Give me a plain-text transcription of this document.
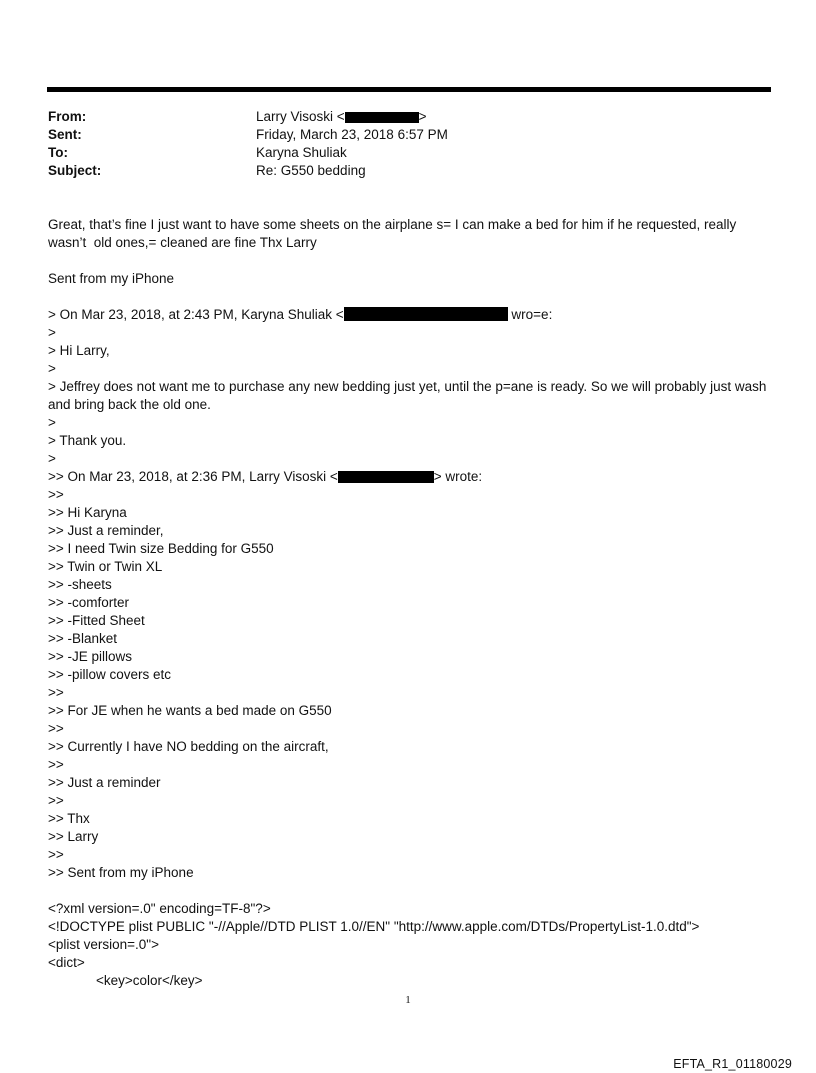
From:	Larry Visoski <	>
Sent:	Friday, March 23, 2018 6:57 PM
To:	Karyna Shuliak
Subject:	Re: G550 bedding

Great, that’s fine I just want to have some sheets on the airplane s= I can make a bed for him if he requested, really wasn’t  old ones,= cleaned are fine Thx Larry

Sent from my iPhone
> On Mar 23, 2018, at 2:43 PM, Karyna Shuliak <	wro=e:
>
> Hi Larry,
>
> Jeffrey does not want me to purchase any new bedding just yet, until the p=ane is ready. So we will probably just wash and bring back the old one.
>
> Thank you.
>
>> On Mar 23, 2018, at 2:36 PM, Larry Visoski <	> wrote:
>>
>> Hi Karyna
>> Just a reminder,
>> I need Twin size Bedding for G550
>> Twin or Twin XL
>> -sheets
>> -comforter
>> -Fitted Sheet
>> -Blanket
>> -JE pillows
>> -pillow covers etc
>>
>> For JE when he wants a bed made on G550
>>
>> Currently I have NO bedding on the aircraft,
>>
>> Just a reminder
>>
>> Thx
>> Larry
>>
>> Sent from my iPhone
<?xml version=.0" encoding=TF-8"?>
<!DOCTYPE plist PUBLIC "-//Apple//DTD PLIST 1.0//EN" "http://www.apple.com/DTDs/PropertyList-1.0.dtd">
<plist version=.0">
<dict>
<key>color</key>
1
EFTA_R1_01180029
